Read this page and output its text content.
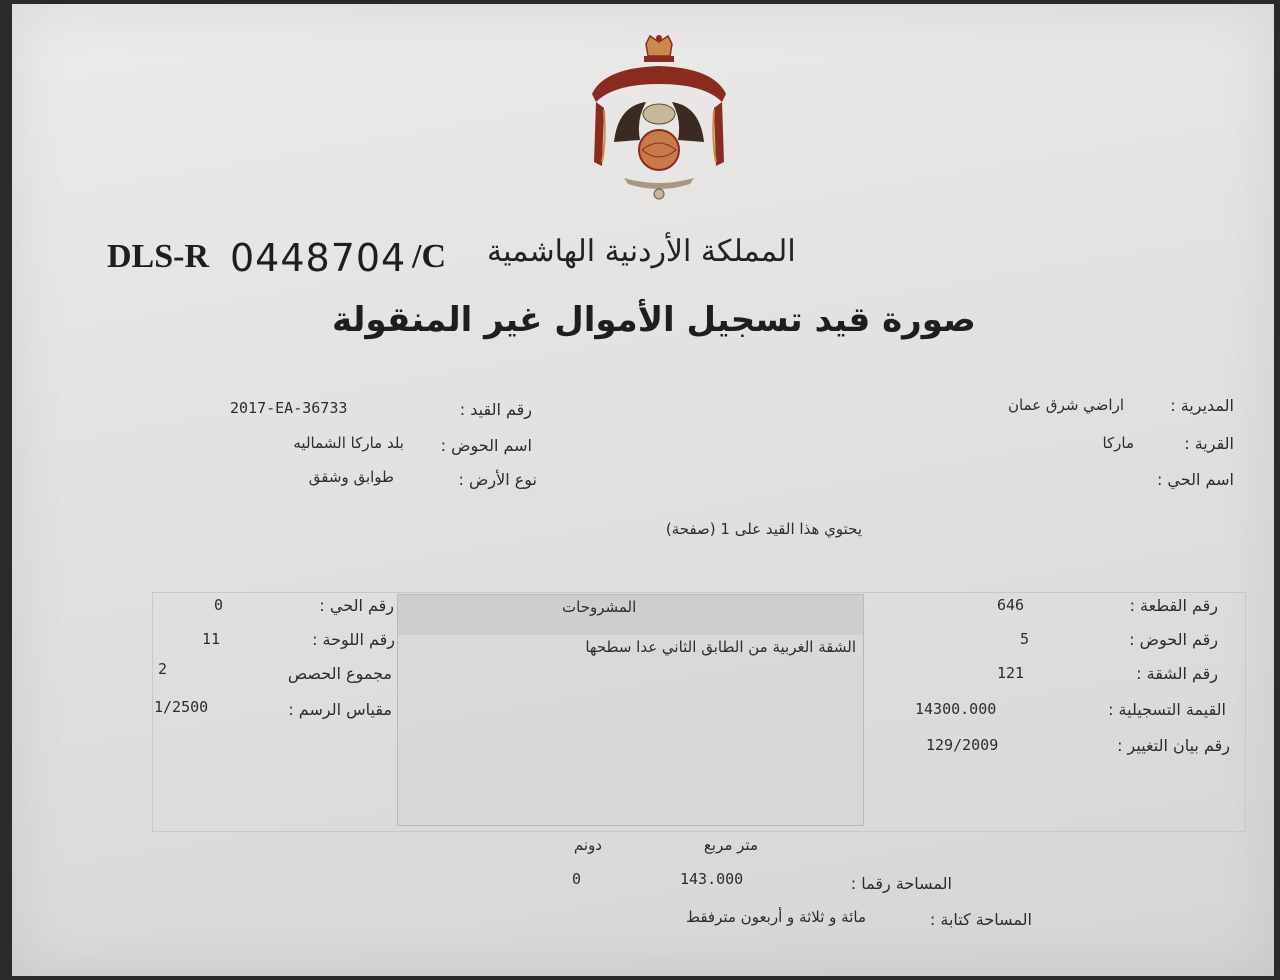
DLS-R 0448704 /C المملكة الأردنية الهاشمية
صورة قيد تسجيل الأموال غير المنقولة
المديرية :
اراضي شرق عمان
القرية :
ماركا
اسم الحي :
رقم القيد :
2017-EA-36733
اسم الحوض :
بلد ماركا الشماليه
نوع الأرض :
طوابق وشقق
يحتوي هذا القيد على 1 (صفحة)
المشروحات
الشقة الغربية من الطابق الثاني عدا سطحها
رقم القطعة :
646
رقم الحوض :
5
رقم الشقة :
121
القيمة التسجيلية :
14300.000
رقم بيان التغيير :
129/2009
رقم الحي :
0
رقم اللوحة :
11
مجموع الحصص
2
مقياس الرسم :
1/2500
متر مربع
دونم
المساحة رقما :
143.000
0
المساحة كتابة :
مائة و ثلاثة و أربعون مترفقط
